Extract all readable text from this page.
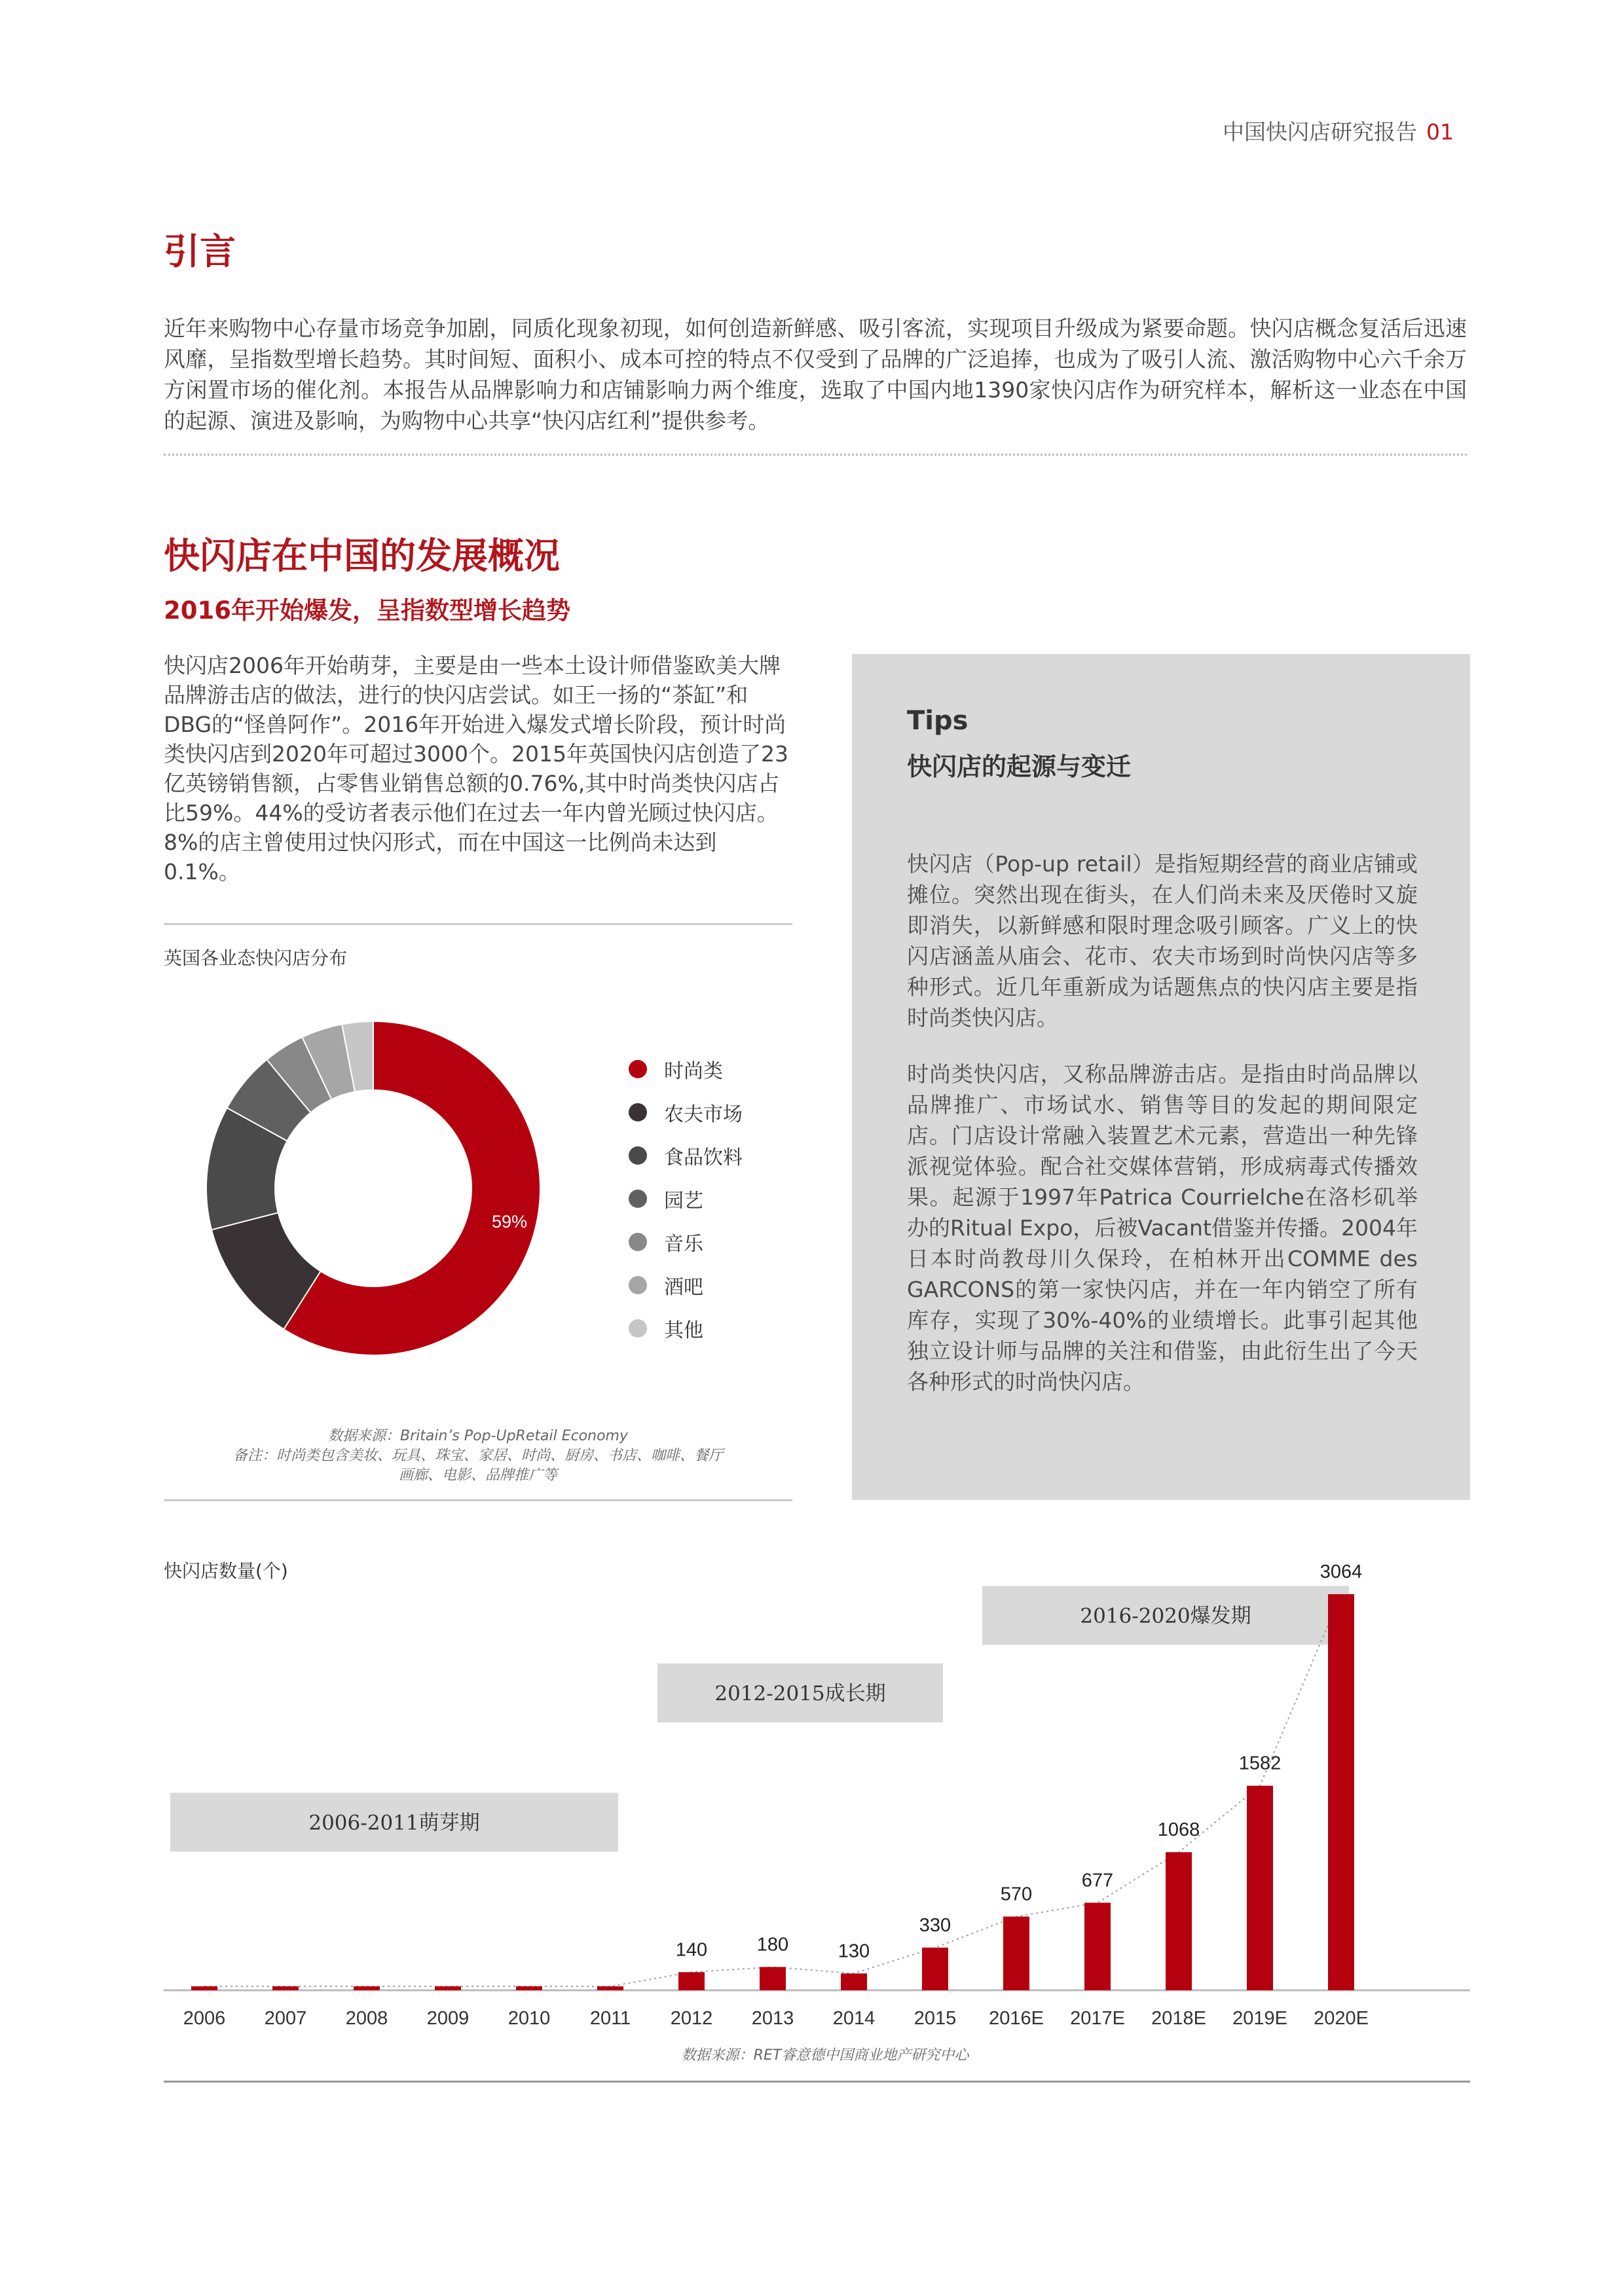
中国快闪店研究报告 01
引言
近年来购物中心存量市场竞争加剧，同质化现象初现，如何创造新鲜感、吸引客流，实现项目升级成为紧要命题。快闪店概念复活后迅速风靡，呈指数型增长趋势。其时间短、面积小、成本可控的特点不仅受到了品牌的广泛追捧，也成为了吸引人流、激活购物中心六千余万方闲置市场的催化剂。本报告从品牌影响力和店铺影响力两个维度，选取了中国内地1390家快闪店作为研究样本，解析这一业态在中国的起源、演进及影响，为购物中心共享“快闪店红利”提供参考。
快闪店在中国的发展概况
2016年开始爆发，呈指数型增长趋势
快闪店2006年开始萌芽，主要是由一些本土设计师借鉴欧美大牌品牌游击店的做法，进行的快闪店尝试。如王一扬的“茶缸”和DBG的“怪兽阿作”。2016年开始进入爆发式增长阶段，预计时尚类快闪店到2020年可超过3000个。2015年英国快闪店创造了23亿英镑销售额，占零售业销售总额的0.76%,其中时尚类快闪店占比59%。44%的受访者表示他们在过去一年内曾光顾过快闪店。8%的店主曾使用过快闪形式，而在中国这一比例尚未达到0.1%。
英国各业态快闪店分布
59%
时尚类
农夫市场
食品饮料
园艺
音乐
酒吧
其他
数据来源：Britain’s Pop-UpRetail Economy
备注：时尚类包含美妆、玩具、珠宝、家居、时尚、厨房、书店、咖啡、餐厅
画廊、电影、品牌推广等
Tips
快闪店的起源与变迁
快闪店（Pop-up retail）是指短期经营的商业店铺或摊位。突然出现在街头，在人们尚未来及厌倦时又旋即消失，以新鲜感和限时理念吸引顾客。广义上的快闪店涵盖从庙会、花市、农夫市场到时尚快闪店等多种形式。近几年重新成为话题焦点的快闪店主要是指时尚类快闪店。
时尚类快闪店，又称品牌游击店。是指由时尚品牌以品牌推广、市场试水、销售等目的发起的期间限定店。门店设计常融入装置艺术元素，营造出一种先锋派视觉体验。配合社交媒体营销，形成病毒式传播效果。起源于1997年Patrica Courrielche在洛杉矶举办的Ritual Expo，后被Vacant借鉴并传播。2004年日本时尚教母川久保玲，在柏林开出COMME des GARCONS的第一家快闪店，并在一年内销空了所有库存，实现了30%-40%的业绩增长。此事引起其他独立设计师与品牌的关注和借鉴，由此衍生出了今天各种形式的时尚快闪店。
快闪店数量(个)
2006-2011萌芽期
2012-2015成长期
2016-2020爆发期
2006 2007 2008 2009 2010 2011 2012
140
2013
180
2014
130
2015
330
2016E
570
2017E
677
2018E
1068
2019E
1582
2020E
3064
数据来源：RET睿意德中国商业地产研究中心
